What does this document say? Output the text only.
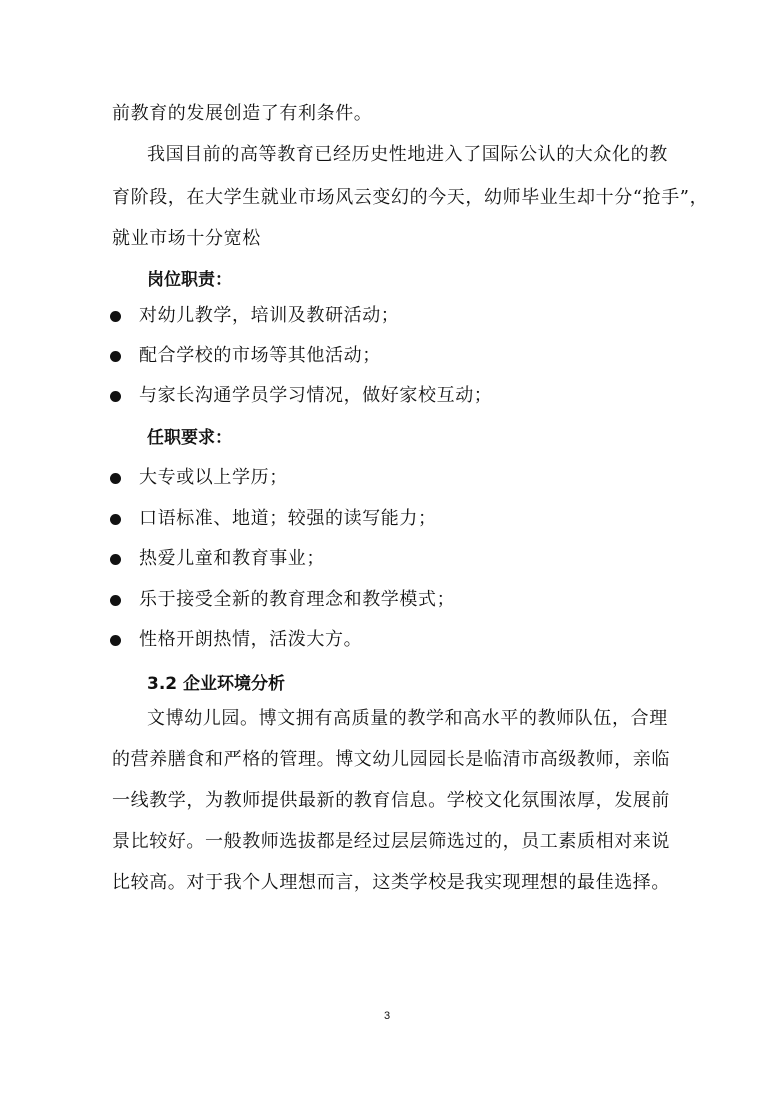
前教育的发展创造了有利条件。
我国目前的高等教育已经历史性地进入了国际公认的大众化的教
育阶段，在大学生就业市场风云变幻的今天，幼师毕业生却十分“抢手”，
就业市场十分宽松
岗位职责：
对幼儿教学，培训及教研活动；
配合学校的市场等其他活动；
与家长沟通学员学习情况，做好家校互动；
任职要求：
大专或以上学历；
口语标准、地道；较强的读写能力；
热爱儿童和教育事业；
乐于接受全新的教育理念和教学模式；
性格开朗热情，活泼大方。
3.2 企业环境分析
文博幼儿园。博文拥有高质量的教学和高水平的教师队伍，合理
的营养膳食和严格的管理。博文幼儿园园长是临清市高级教师，亲临
一线教学，为教师提供最新的教育信息。学校文化氛围浓厚，发展前
景比较好。一般教师选拔都是经过层层筛选过的，员工素质相对来说
比较高。对于我个人理想而言，这类学校是我实现理想的最佳选择。
3
